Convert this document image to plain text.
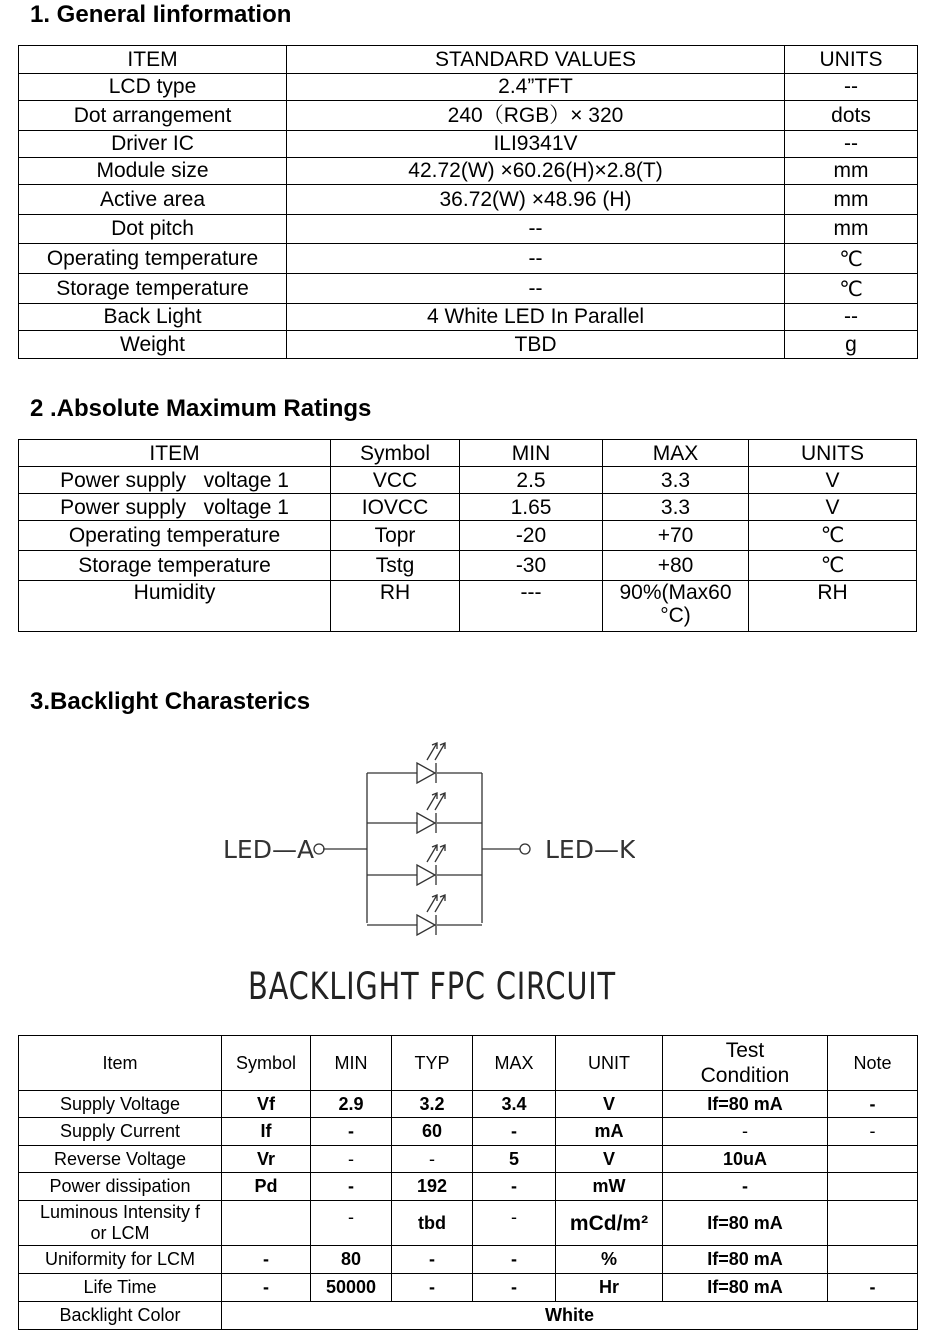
1. General Iinformation
ITEM	STANDARD VALUES	UNITS
LCD type	2.4”TFT	--
Dot arrangement	240（RGB）× 320	dots
Driver IC	ILI9341V	--
Module size	42.72(W) ×60.26(H)×2.8(T)	mm
Active area	36.72(W) ×48.96 (H)	mm
Dot pitch	--	mm
Operating temperature	--	℃
Storage temperature	--	℃
Back Light	4 White LED In Parallel	--
Weight	TBD	g
2 .Absolute Maximum Ratings
ITEM	Symbol	MIN	MAX	UNITS
Power supply   voltage 1	VCC	2.5	3.3	V
Power supply   voltage 1	IOVCC	1.65	3.3	V
Operating temperature	Topr	-20	+70	℃
Storage temperature	Tstg	-30	+80	℃
Humidity	RH	---	90%(Max60 °C)	RH
3.Backlight Charasterics
LED—A	LED—K
BACKLIGHT FPC CIRCUIT
Item	Symbol	MIN	TYP	MAX	UNIT	Test Condition	Note
Supply Voltage	Vf	2.9	3.2	3.4	V	If=80 mA	-
Supply Current	If	-	60	-	mA	-	-
Reverse Voltage	Vr	-	-	5	V	10uA	
Power dissipation	Pd	-	192	-	mW	-	
Luminous Intensity f or LCM		-	tbd	-	mCd/m²	If=80 mA	
Uniformity for LCM	-	80	-	-	%	If=80 mA	
Life Time	-	50000	-	-	Hr	If=80 mA	-
Backlight Color	White						
